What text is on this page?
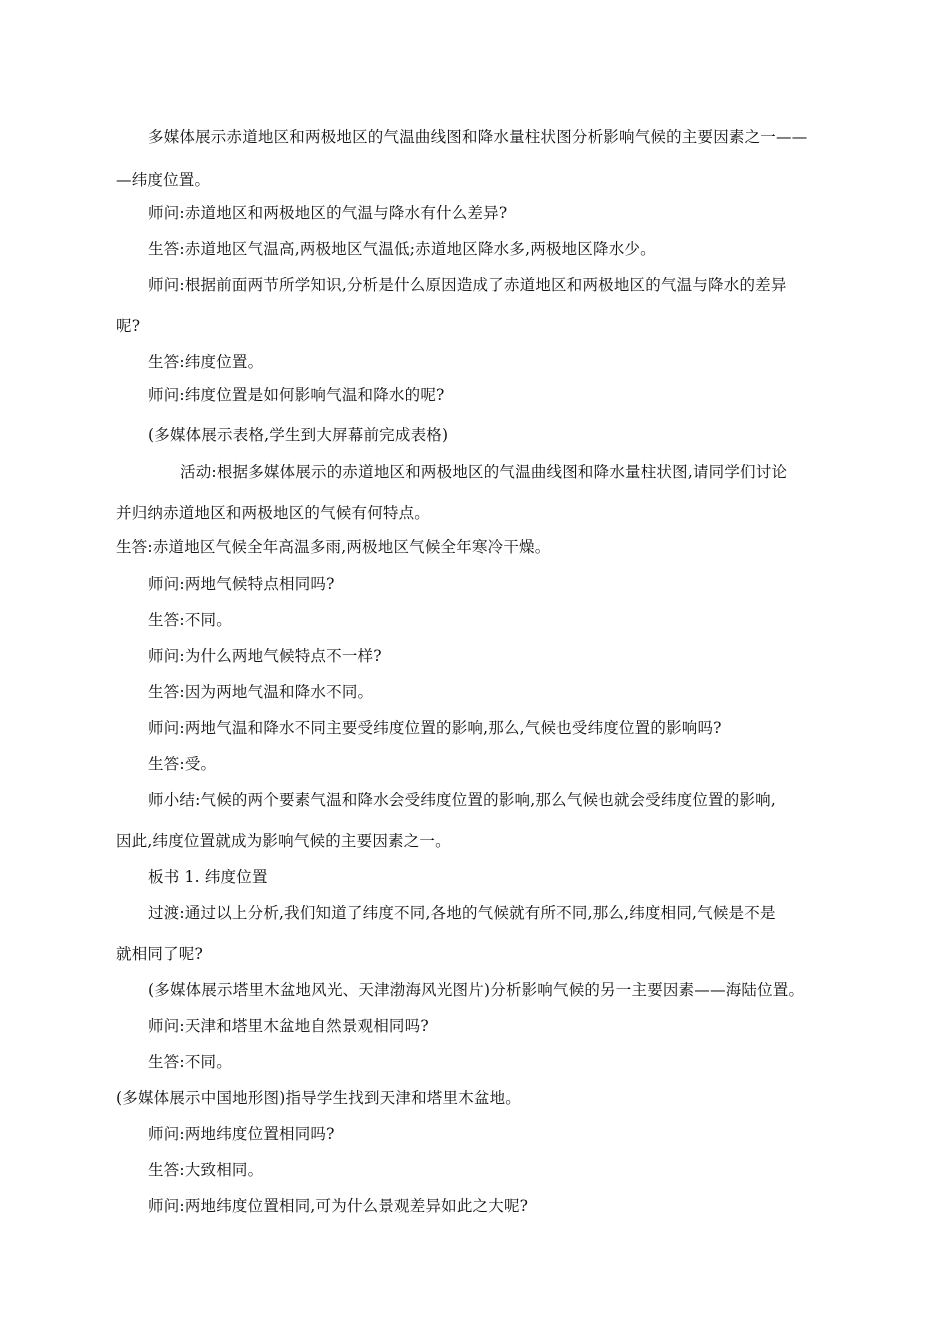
多媒体展示赤道地区和两极地区的气温曲线图和降水量柱状图分析影响气候的主要因素之一——
—纬度位置。
师问:赤道地区和两极地区的气温与降水有什么差异?
生答:赤道地区气温高,两极地区气温低;赤道地区降水多,两极地区降水少。
师问:根据前面两节所学知识,分析是什么原因造成了赤道地区和两极地区的气温与降水的差异
呢?
生答:纬度位置。
师问:纬度位置是如何影响气温和降水的呢?
(多媒体展示表格,学生到大屏幕前完成表格)
活动:根据多媒体展示的赤道地区和两极地区的气温曲线图和降水量柱状图,请同学们讨论
并归纳赤道地区和两极地区的气候有何特点。
生答:赤道地区气候全年高温多雨,两极地区气候全年寒冷干燥。
师问:两地气候特点相同吗?
生答:不同。
师问:为什么两地气候特点不一样?
生答:因为两地气温和降水不同。
师问:两地气温和降水不同主要受纬度位置的影响,那么,气候也受纬度位置的影响吗?
生答:受。
师小结:气候的两个要素气温和降水会受纬度位置的影响,那么气候也就会受纬度位置的影响,
因此,纬度位置就成为影响气候的主要因素之一。
板书 1. 纬度位置
过渡:通过以上分析,我们知道了纬度不同,各地的气候就有所不同,那么,纬度相同,气候是不是
就相同了呢?
(多媒体展示塔里木盆地风光、天津渤海风光图片)分析影响气候的另一主要因素——海陆位置。
师问:天津和塔里木盆地自然景观相同吗?
生答:不同。
(多媒体展示中国地形图)指导学生找到天津和塔里木盆地。
师问:两地纬度位置相同吗?
生答:大致相同。
师问:两地纬度位置相同,可为什么景观差异如此之大呢?
